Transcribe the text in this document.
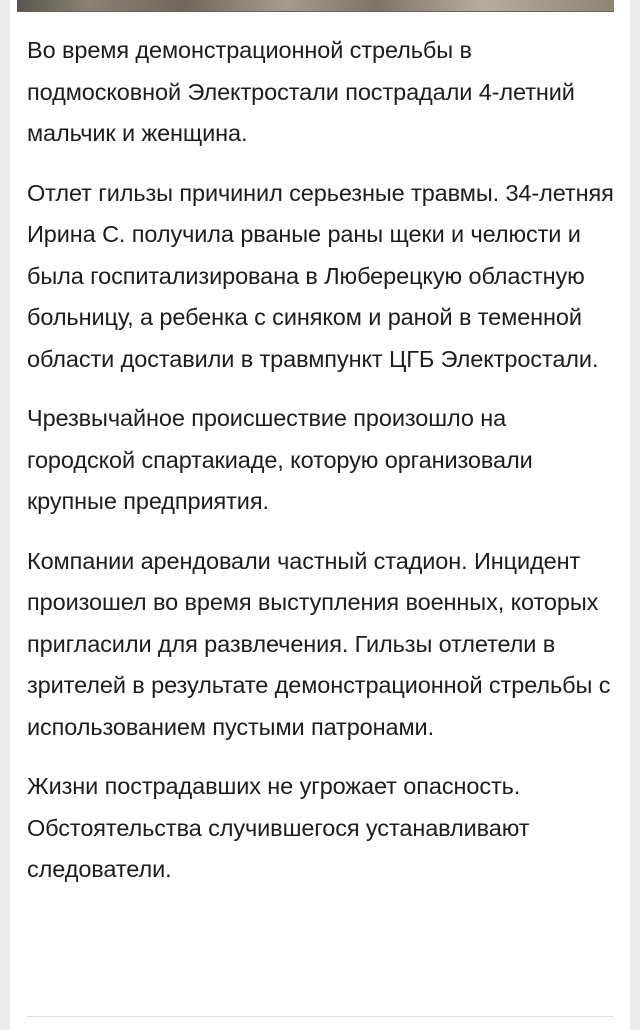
Во время демонстрационной стрельбы в подмосковной Электростали пострадали 4-летний мальчик и женщина.

Отлет гильзы причинил серьезные травмы. 34-летняя Ирина С. получила рваные раны щеки и челюсти и была госпитализирована в Люберецкую областную больницу, а ребенка с синяком и раной в теменной области доставили в травмпункт ЦГБ Электростали.

Чрезвычайное происшествие произошло на городской спартакиаде, которую организовали крупные предприятия.

Компании арендовали частный стадион. Инцидент произошел во время выступления военных, которых пригласили для развлечения. Гильзы отлетели в зрителей в результате демонстрационной стрельбы с использованием пустыми патронами.

Жизни пострадавших не угрожает опасность. Обстоятельства случившегося устанавливают следователи.
